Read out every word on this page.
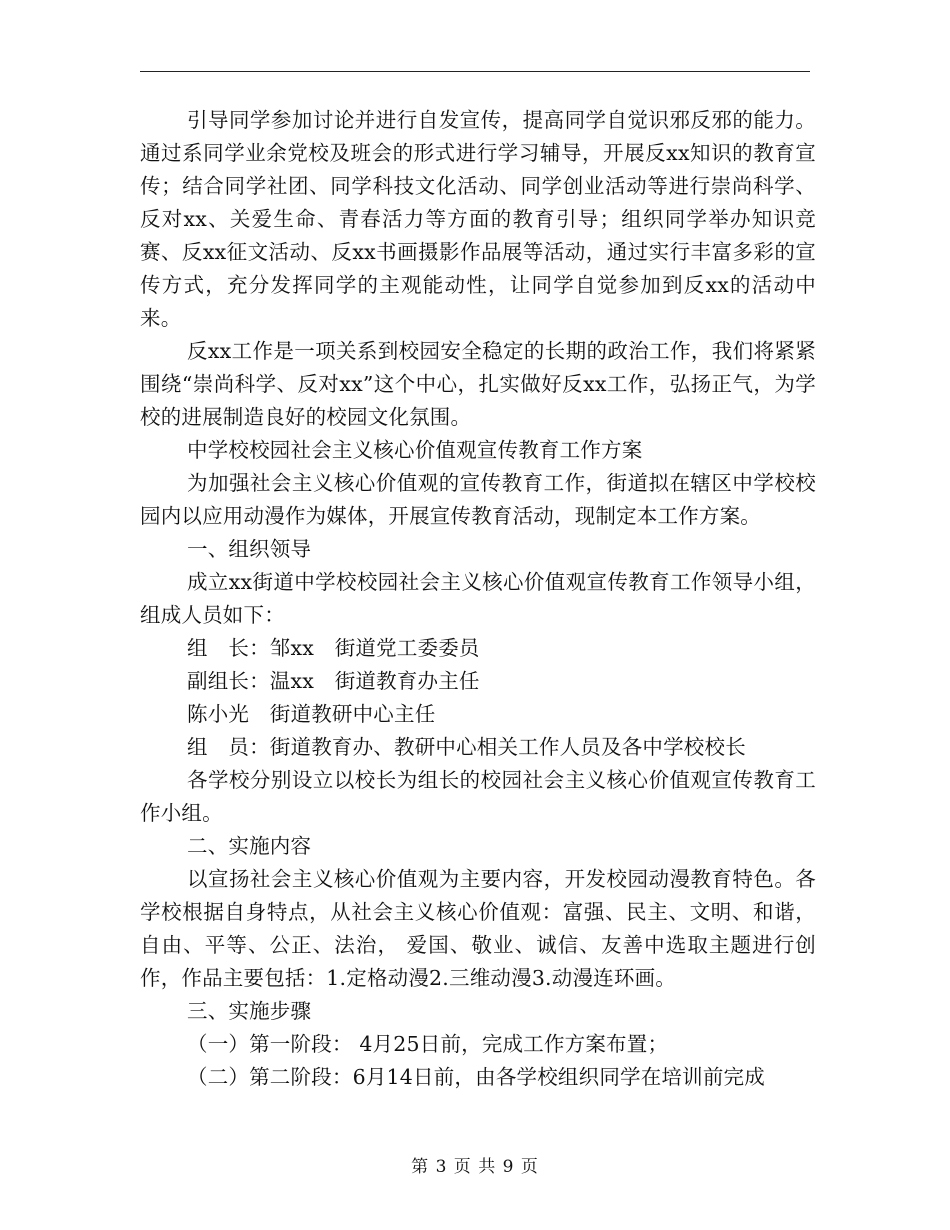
引导同学参加讨论并进行自发宣传，提高同学自觉识邪反邪的能力。通过系同学业余党校及班会的形式进行学习辅导，开展反xx知识的教育宣传；结合同学社团、同学科技文化活动、同学创业活动等进行崇尚科学、反对xx、关爱生命、青春活力等方面的教育引导；组织同学举办知识竞赛、反xx征文活动、反xx书画摄影作品展等活动，通过实行丰富多彩的宣传方式，充分发挥同学的主观能动性，让同学自觉参加到反xx的活动中来。

反xx工作是一项关系到校园安全稳定的长期的政治工作，我们将紧紧围绕“崇尚科学、反对xx”这个中心，扎实做好反xx工作，弘扬正气，为学校的进展制造良好的校园文化氛围。

中学校校园社会主义核心价值观宣传教育工作方案

为加强社会主义核心价值观的宣传教育工作，街道拟在辖区中学校校园内以应用动漫作为媒体，开展宣传教育活动，现制定本工作方案。

一、组织领导

成立xx街道中学校校园社会主义核心价值观宣传教育工作领导小组，组成人员如下：

组　长：邹xx　街道党工委委员

副组长：温xx　街道教育办主任

陈小光　街道教研中心主任

组　员：街道教育办、教研中心相关工作人员及各中学校校长

各学校分别设立以校长为组长的校园社会主义核心价值观宣传教育工作小组。

二、实施内容

以宣扬社会主义核心价值观为主要内容，开发校园动漫教育特色。各学校根据自身特点，从社会主义核心价值观：富强、民主、文明、和谐，自由、平等、公正、法治， 爱国、敬业、诚信、友善中选取主题进行创作，作品主要包括：1.定格动漫2.三维动漫3.动漫连环画。

三、实施步骤

（一）第一阶段： 4月25日前，完成工作方案布置；

（二）第二阶段：6月14日前，由各学校组织同学在培训前完成

第 3 页 共 9 页
